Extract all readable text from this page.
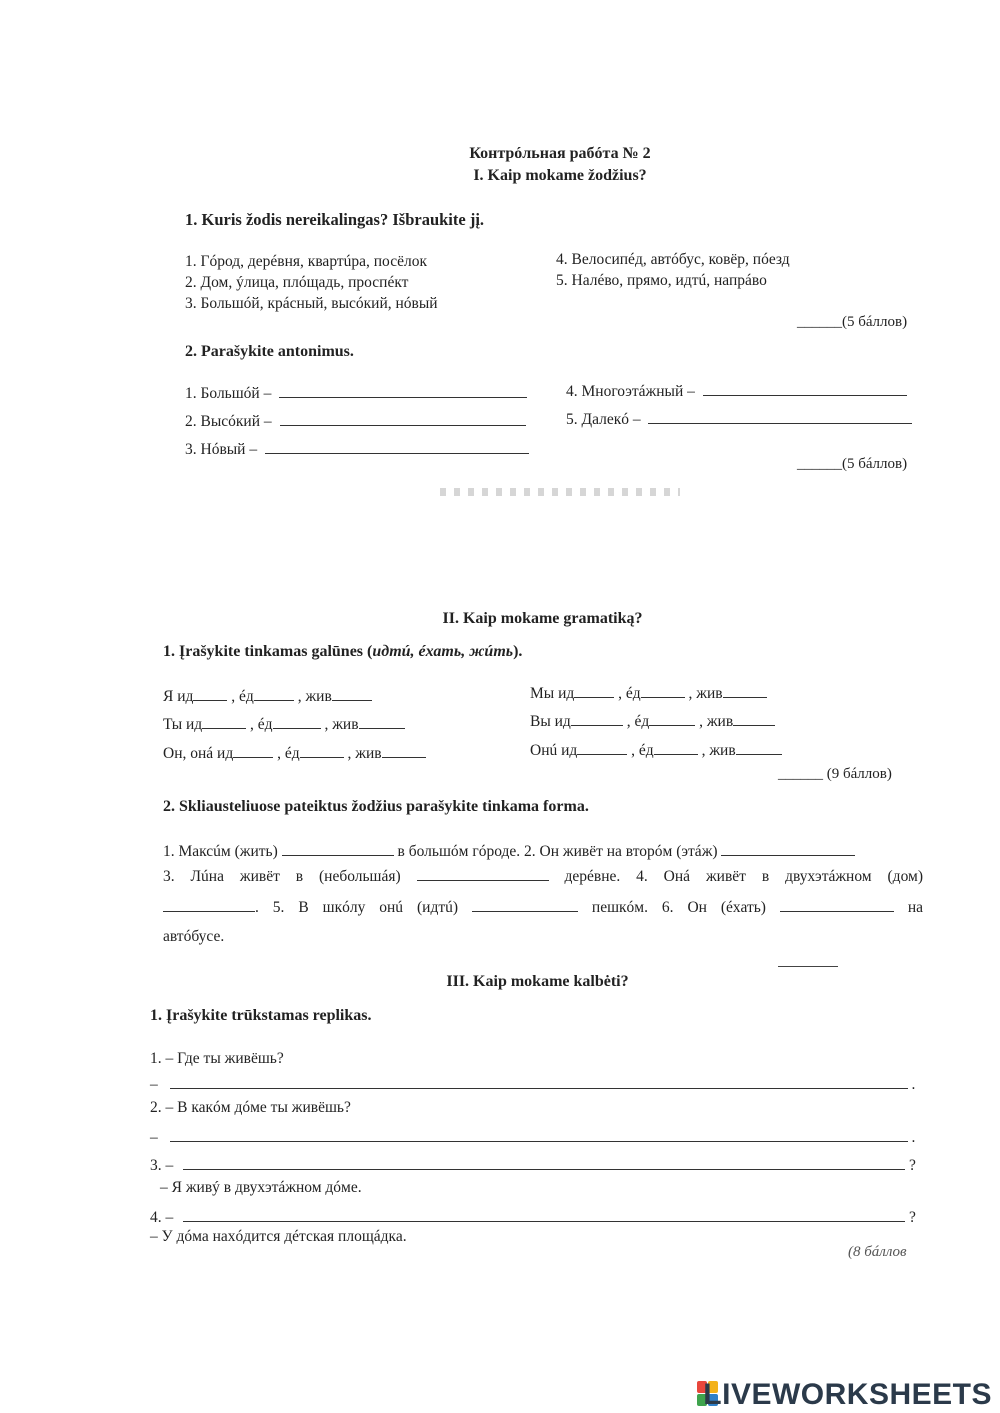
Контрóльная рабóта № 2
I. Kaip mokame žodžius?
1. Kuris žodis nereikalingas? Išbraukite jį.
1. Гóрод, дерéвня, квартúра, посёлок
2. Дом, ýлица, плóщадь, проспéкт
3. Большóй, крáсный, высóкий, нóвый
4. Велосипéд, автóбус, ковёр, пóезд
5. Налéво, прямо, идтú, напрáво
______(5 бáллов)
2. Parašykite antonimus.
1. Большóй –
2. Высóкий –
3. Нóвый –
4. Многоэтáжный –
5. Далекó –
______(5 бáллов)
II. Kaip mokame gramatiką?
1. Įrašykite tinkamas galūnes (идтú, éхать, жúть).
Я ид , éд	, жив
Ты ид	, éд	, жив
Он, онá ид	, éд	, жив
Мы ид	, éд	, жив
Вы ид	, éд	, жив
Онú ид	, éд	, жив
______ (9 бáллов)
2. Skliausteliuose pateiktus žodžius parašykite tinkama forma.
1. Максúм (жить)	в большóм гóроде. 2. Он живёт на вторóм (этáж)
3. Лúна живёт в (небольшáя)	дерéвне. 4. Онá живёт в двухэтáжном (дом)
. 5. В шкóлу онú (идтú)	пешкóм. 6. Он (éхать)	на
автóбусе.
III. Kaip mokame kalbėti?
1. Įrašykite trūkstamas replikas.
1. – Где ты живёшь?
–	.
2. – В какóм дóме ты живёшь?
–	.
3. –	?
– Я живý в двухэтáжном дóме.
4. –	?
– У дóма нахóдится дéтская площáдка.
(8 бáллов
LIVEWORKSHEETS
